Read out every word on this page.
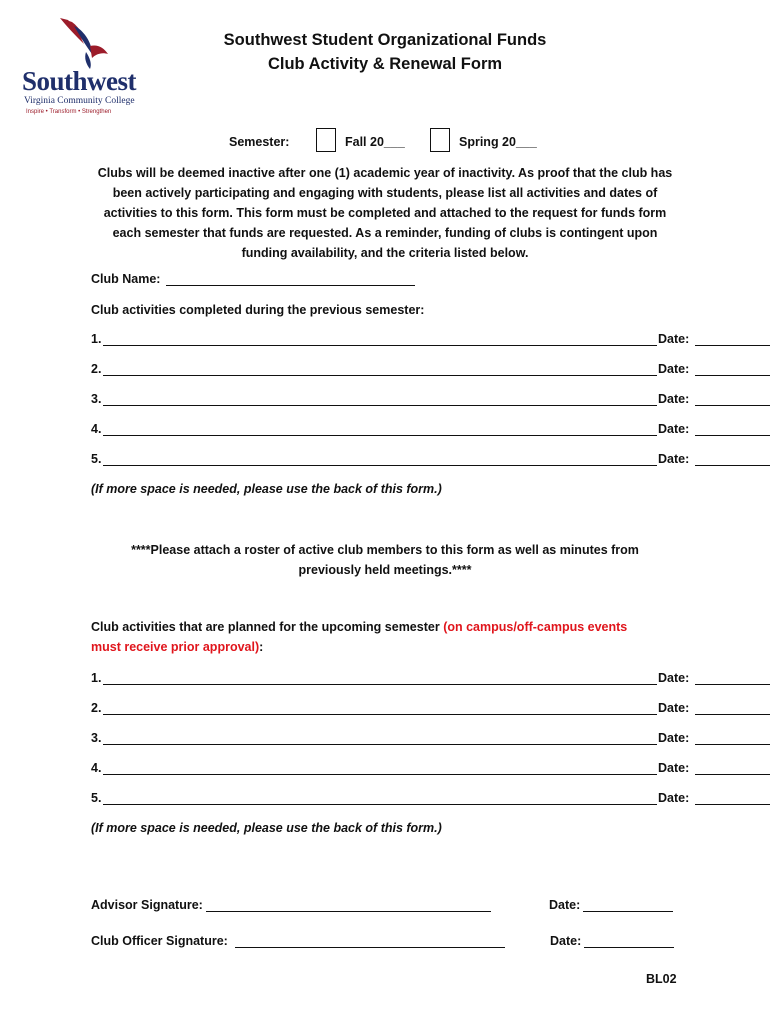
Southwest
Virginia Community College
Inspire • Transform • Strengthen
Southwest Student Organizational Funds
Club Activity & Renewal Form
Semester:	Fall 20___	Spring 20___
Clubs will be deemed inactive after one (1) academic year of inactivity. As proof that the club has been actively participating and engaging with students, please list all activities and dates of activities to this form. This form must be completed and attached to the request for funds form each semester that funds are requested. As a reminder, funding of clubs is contingent upon funding availability, and the criteria listed below.
Club Name:
Club activities completed during the previous semester:
1.	Date:
2.	Date:
3.	Date:
4.	Date:
5.	Date:
(If more space is needed, please use the back of this form.)
****Please attach a roster of active club members to this form as well as minutes from
previously held meetings.****
Club activities that are planned for the upcoming semester (on campus/off-campus events
must receive prior approval):
1.	Date:
2.	Date:
3.	Date:
4.	Date:
5.	Date:
(If more space is needed, please use the back of this form.)
Advisor Signature:	Date:
Club Officer Signature:	Date:
BL02
